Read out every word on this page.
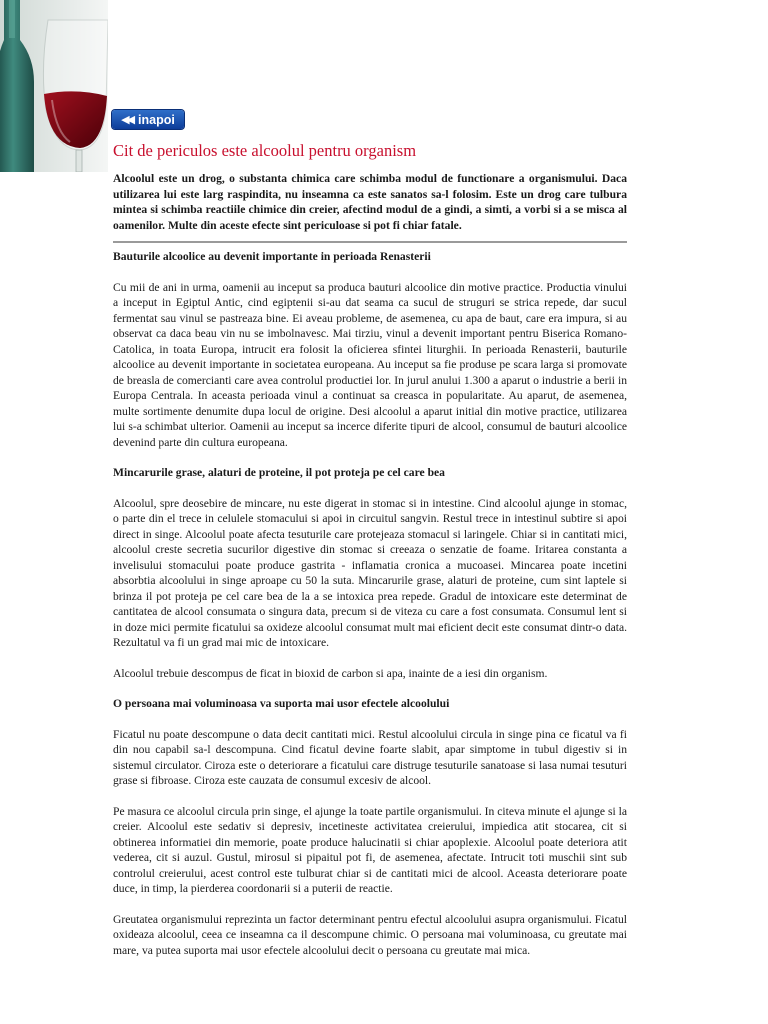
◀◀ inapoi
Cit de periculos este alcoolul pentru organism

Alcoolul este un drog, o substanta chimica care schimba modul de functionare a organismului. Daca utilizarea lui este larg raspindita, nu inseamna ca este sanatos sa-l folosim. Este un drog care tulbura mintea si schimba reactiile chimice din creier, afectind modul de a gindi, a simti, a vorbi si a se misca al oamenilor. Multe din aceste efecte sint periculoase si pot fi chiar fatale.

Bauturile alcoolice au devenit importante in perioada Renasterii

Cu mii de ani in urma, oamenii au inceput sa produca bauturi alcoolice din motive practice. Productia vinului a inceput in Egiptul Antic, cind egiptenii si-au dat seama ca sucul de struguri se strica repede, dar sucul fermentat sau vinul se pastreaza bine. Ei aveau probleme, de asemenea, cu apa de baut, care era impura, si au observat ca daca beau vin nu se imbolnavesc. Mai tirziu, vinul a devenit important pentru Biserica Romano-Catolica, in toata Europa, intrucit era folosit la oficierea sfintei liturghii. In perioada Renasterii, bauturile alcoolice au devenit importante in societatea europeana. Au inceput sa fie produse pe scara larga si promovate de breasla de comercianti care avea controlul productiei lor. In jurul anului 1.300 a aparut o industrie a berii in Europa Centrala. In aceasta perioada vinul a continuat sa creasca in popularitate. Au aparut, de asemenea, multe sortimente denumite dupa locul de origine. Desi alcoolul a aparut initial din motive practice, utilizarea lui s-a schimbat ulterior. Oamenii au inceput sa incerce diferite tipuri de alcool, consumul de bauturi alcoolice devenind parte din cultura europeana.

Mincarurile grase, alaturi de proteine, il pot proteja pe cel care bea

Alcoolul, spre deosebire de mincare, nu este digerat in stomac si in intestine. Cind alcoolul ajunge in stomac, o parte din el trece in celulele stomacului si apoi in circuitul sangvin. Restul trece in intestinul subtire si apoi direct in singe. Alcoolul poate afecta tesuturile care protejeaza stomacul si laringele. Chiar si in cantitati mici, alcoolul creste secretia sucurilor digestive din stomac si creeaza o senzatie de foame. Iritarea constanta a invelisului stomacului poate produce gastrita - inflamatia cronica a mucoasei. Mincarea poate incetini absorbtia alcoolului in singe aproape cu 50 la suta. Mincarurile grase, alaturi de proteine, cum sint laptele si brinza il pot proteja pe cel care bea de la a se intoxica prea repede. Gradul de intoxicare este determinat de cantitatea de alcool consumata o singura data, precum si de viteza cu care a fost consumata. Consumul lent si in doze mici permite ficatului sa oxideze alcoolul consumat mult mai eficient decit este consumat dintr-o data. Rezultatul va fi un grad mai mic de intoxicare.

Alcoolul trebuie descompus de ficat in bioxid de carbon si apa, inainte de a iesi din organism.

O persoana mai voluminoasa va suporta mai usor efectele alcoolului

Ficatul nu poate descompune o data decit cantitati mici. Restul alcoolului circula in singe pina ce ficatul va fi din nou capabil sa-l descompuna. Cind ficatul devine foarte slabit, apar simptome in tubul digestiv si in sistemul circulator. Ciroza este o deteriorare a ficatului care distruge tesuturile sanatoase si lasa numai tesuturi grase si fibroase. Ciroza este cauzata de consumul excesiv de alcool.

Pe masura ce alcoolul circula prin singe, el ajunge la toate partile organismului. In citeva minute el ajunge si la creier. Alcoolul este sedativ si depresiv, incetineste activitatea creierului, impiedica atit stocarea, cit si obtinerea informatiei din memorie, poate produce halucinatii si chiar apoplexie. Alcoolul poate deteriora atit vederea, cit si auzul. Gustul, mirosul si pipaitul pot fi, de asemenea, afectate. Intrucit toti muschii sint sub controlul creierului, acest control este tulburat chiar si de cantitati mici de alcool. Aceasta deteriorare poate duce, in timp, la pierderea coordonarii si a puterii de reactie.

Greutatea organismului reprezinta un factor determinant pentru efectul alcoolului asupra organismului. Ficatul oxideaza alcoolul, ceea ce inseamna ca il descompune chimic. O persoana mai voluminoasa, cu greutate mai mare, va putea suporta mai usor efectele alcoolului decit o persoana cu greutate mai mica.
